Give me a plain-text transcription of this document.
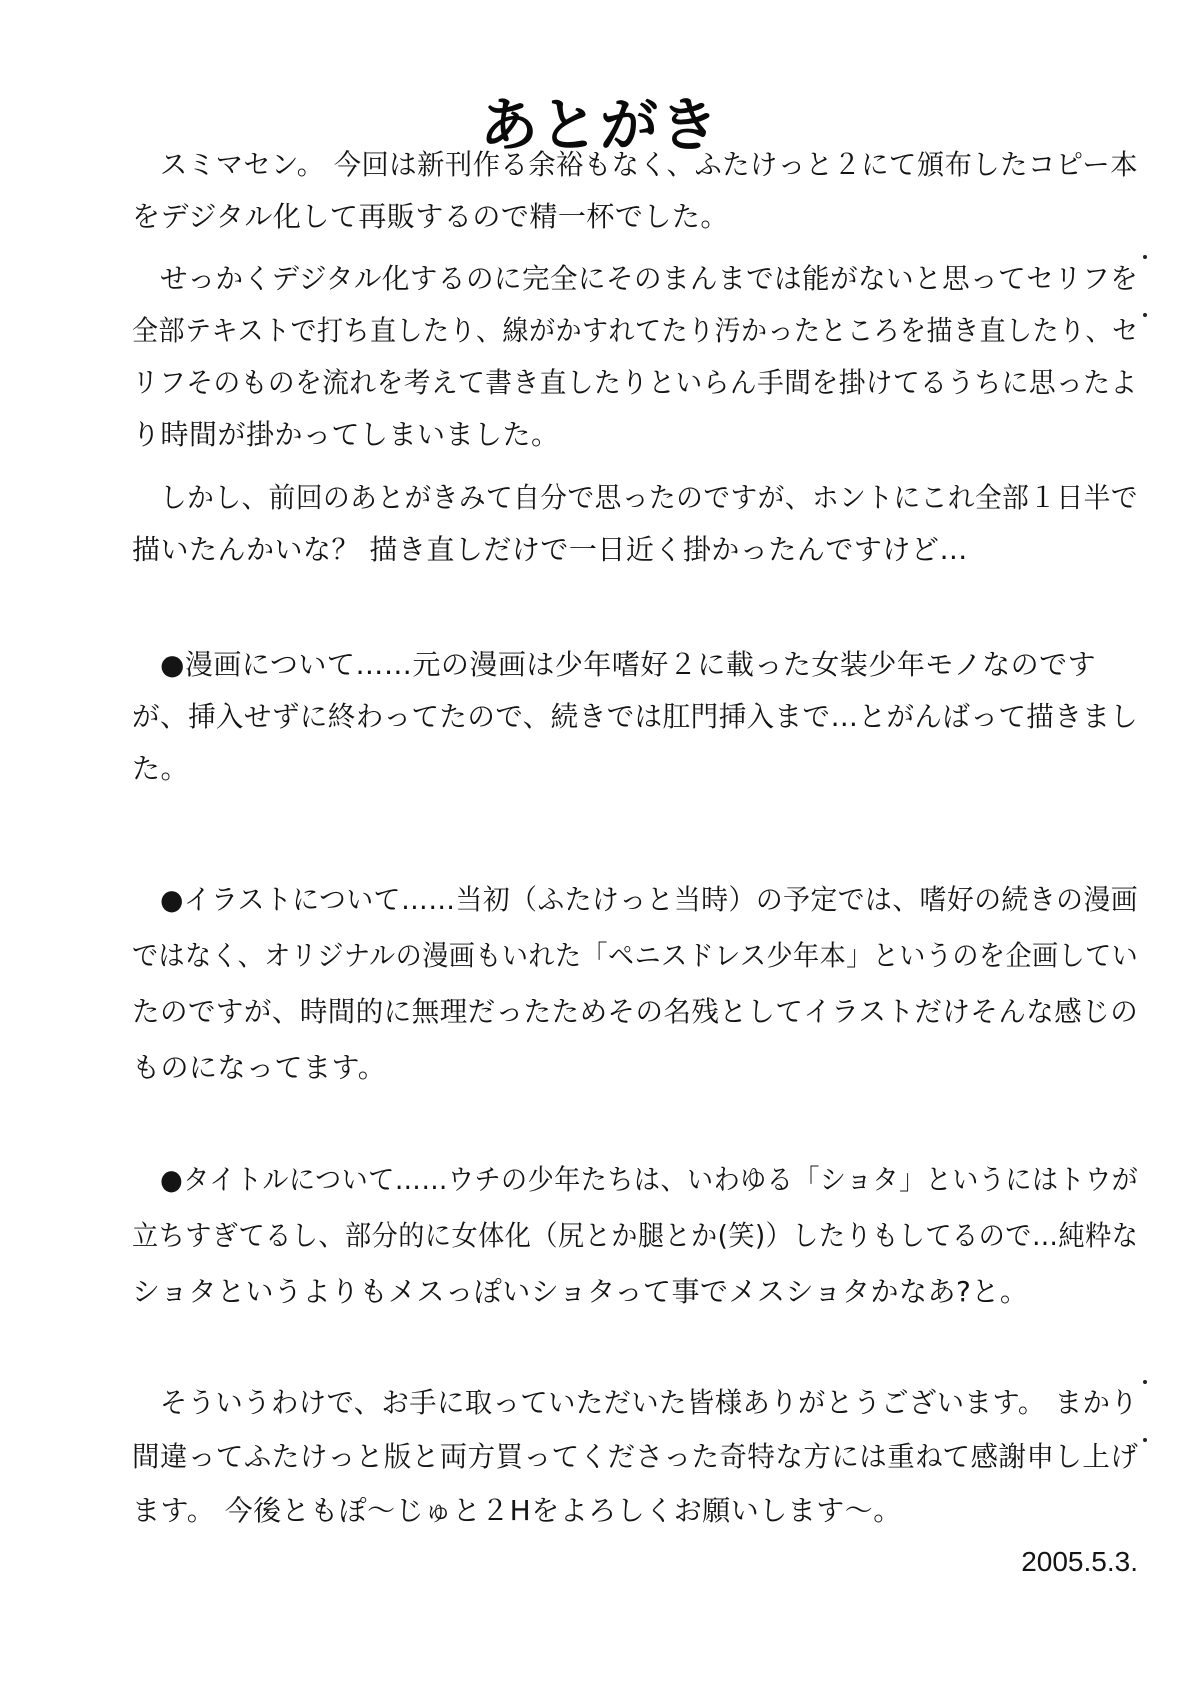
あとがき

スミマセン。 今回は新刊作る余裕もなく、ふたけっと２にて頒布したコピー本

をデジタル化して再販するので精一杯でした。

せっかくデジタル化するのに完全にそのまんまでは能がないと思ってセリフを

全部テキストで打ち直したり、線がかすれてたり汚かったところを描き直したり、セ

リフそのものを流れを考えて書き直したりといらん手間を掛けてるうちに思ったよ

り時間が掛かってしまいました。

しかし、前回のあとがきみて自分で思ったのですが、ホントにこれ全部１日半で

描いたんかいな？ 描き直しだけで一日近く掛かったんですけど…

●漫画について……元の漫画は少年嗜好２に載った女装少年モノなのです

が、挿入せずに終わってたので、続きでは肛門挿入まで…とがんばって描きまし

た。

●イラストについて……当初（ふたけっと当時）の予定では、嗜好の続きの漫画

ではなく、オリジナルの漫画もいれた「ペニスドレス少年本」というのを企画してい

たのですが、時間的に無理だったためその名残としてイラストだけそんな感じの

ものになってます。

●タイトルについて……ウチの少年たちは、いわゆる「ショタ」というにはトウが

立ちすぎてるし、部分的に女体化（尻とか腿とか(笑)）したりもしてるので…純粋な

ショタというよりもメスっぽいショタって事でメスショタかなあ?と。

そういうわけで、お手に取っていただいた皆様ありがとうございます。 まかり

間違ってふたけっと版と両方買ってくださった奇特な方には重ねて感謝申し上げ

ます。 今後ともぽ～じゅと２Hをよろしくお願いします～。

2005.5.3.
